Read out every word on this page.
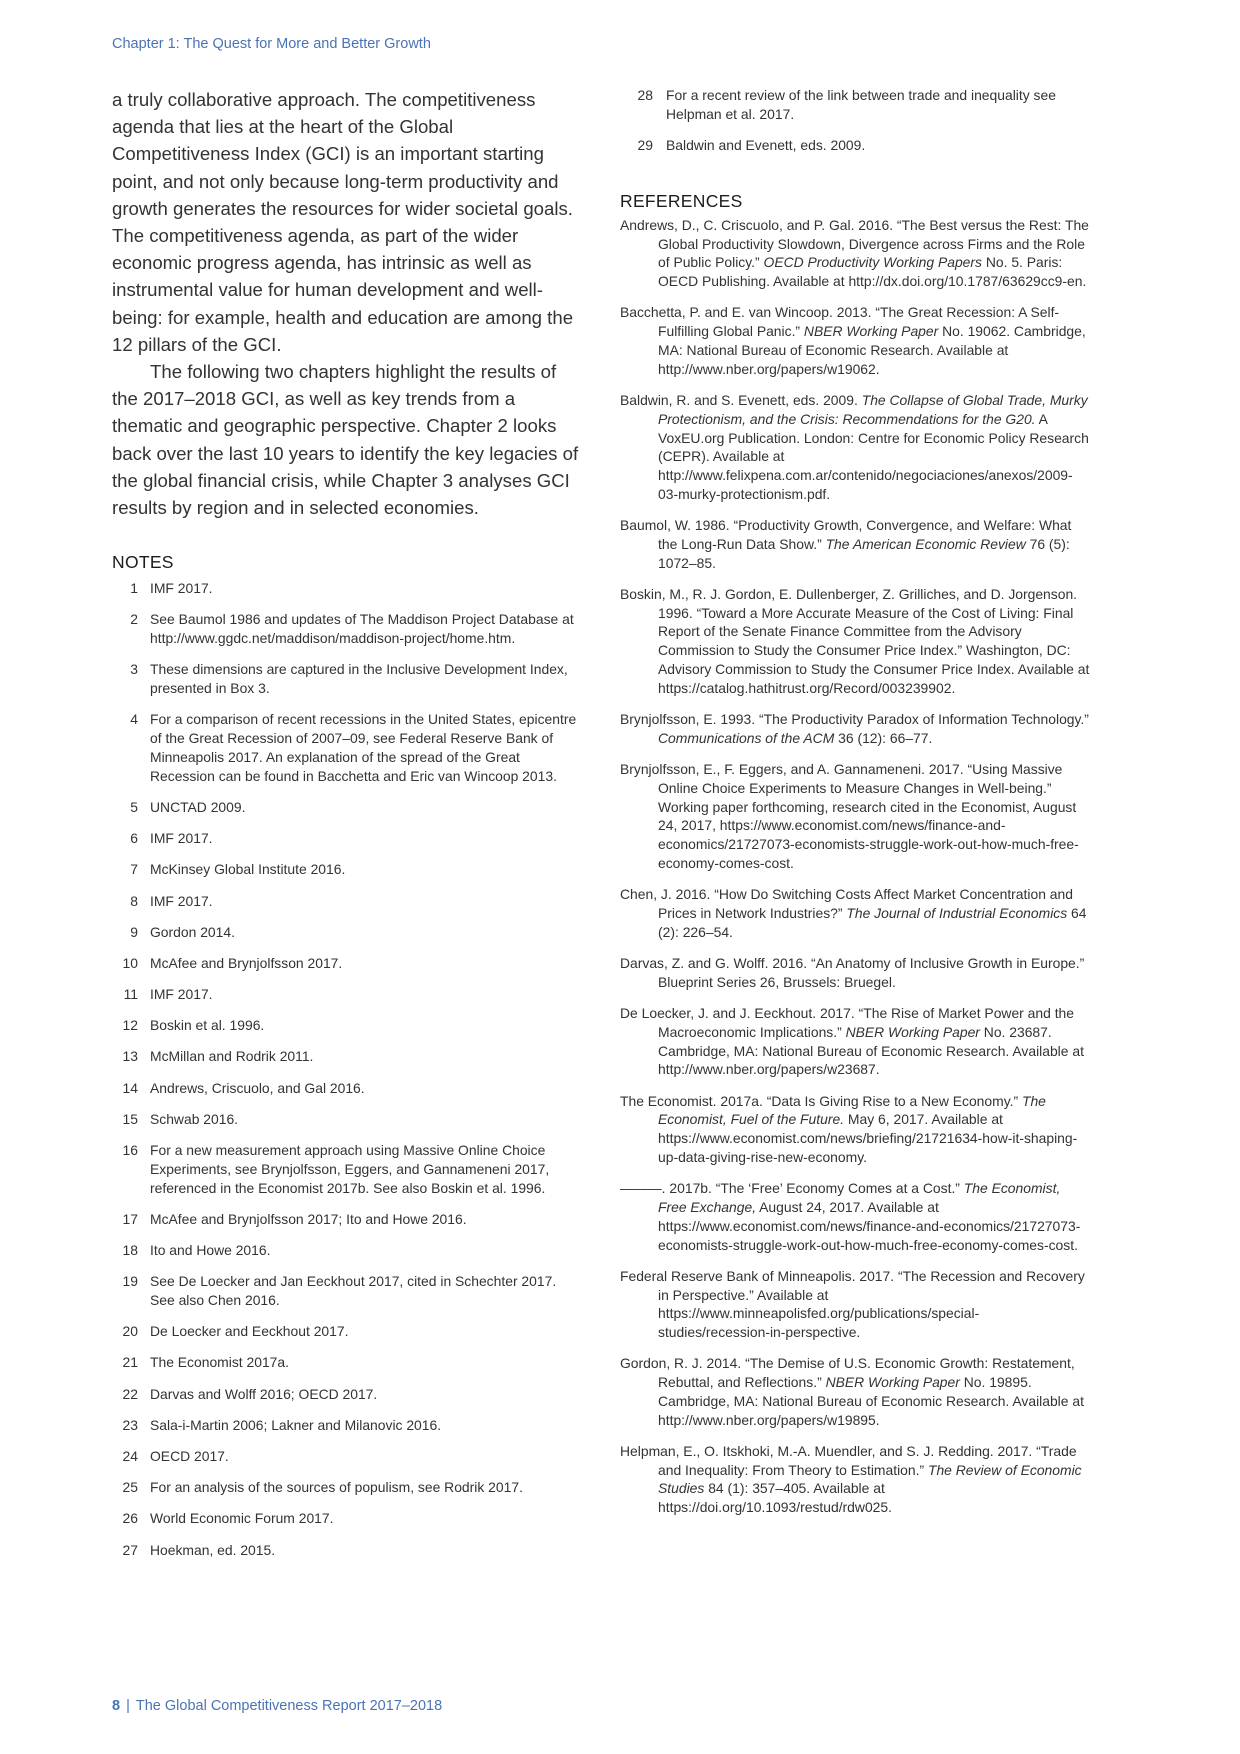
Chapter 1: The Quest for More and Better Growth

a truly collaborative approach. The competitiveness agenda that lies at the heart of the Global Competitiveness Index (GCI) is an important starting point, and not only because long-term productivity and growth generates the resources for wider societal goals. The competitiveness agenda, as part of the wider economic progress agenda, has intrinsic as well as instrumental value for human development and well-being: for example, health and education are among the 12 pillars of the GCI.

The following two chapters highlight the results of the 2017–2018 GCI, as well as key trends from a thematic and geographic perspective. Chapter 2 looks back over the last 10 years to identify the key legacies of the global financial crisis, while Chapter 3 analyses GCI results by region and in selected economies.

NOTES
1 IMF 2017.
2 See Baumol 1986 and updates of The Maddison Project Database at http://www.ggdc.net/maddison/maddison-project/home.htm.
3 These dimensions are captured in the Inclusive Development Index, presented in Box 3.
4 For a comparison of recent recessions in the United States, epicentre of the Great Recession of 2007–09, see Federal Reserve Bank of Minneapolis 2017. An explanation of the spread of the Great Recession can be found in Bacchetta and Eric van Wincoop 2013.
5 UNCTAD 2009.
6 IMF 2017.
7 McKinsey Global Institute 2016.
8 IMF 2017.
9 Gordon 2014.
10 McAfee and Brynjolfsson 2017.
11 IMF 2017.
12 Boskin et al. 1996.
13 McMillan and Rodrik 2011.
14 Andrews, Criscuolo, and Gal 2016.
15 Schwab 2016.
16 For a new measurement approach using Massive Online Choice Experiments, see Brynjolfsson, Eggers, and Gannameneni 2017, referenced in the Economist 2017b. See also Boskin et al. 1996.
17 McAfee and Brynjolfsson 2017; Ito and Howe 2016.
18 Ito and Howe 2016.
19 See De Loecker and Jan Eeckhout 2017, cited in Schechter 2017. See also Chen 2016.
20 De Loecker and Eeckhout 2017.
21 The Economist 2017a.
22 Darvas and Wolff 2016; OECD 2017.
23 Sala-i-Martin 2006; Lakner and Milanovic 2016.
24 OECD 2017.
25 For an analysis of the sources of populism, see Rodrik 2017.
26 World Economic Forum 2017.
27 Hoekman, ed. 2015.
28 For a recent review of the link between trade and inequality see Helpman et al. 2017.
29 Baldwin and Evenett, eds. 2009.
REFERENCES
Andrews, D., C. Criscuolo, and P. Gal. 2016. “The Best versus the Rest: The Global Productivity Slowdown, Divergence across Firms and the Role of Public Policy.” OECD Productivity Working Papers No. 5. Paris: OECD Publishing. Available at http://dx.doi.org/10.1787/63629cc9-en.
Bacchetta, P. and E. van Wincoop. 2013. “The Great Recession: A Self-Fulfilling Global Panic.” NBER Working Paper No. 19062. Cambridge, MA: National Bureau of Economic Research. Available at http://www.nber.org/papers/w19062.
Baldwin, R. and S. Evenett, eds. 2009. The Collapse of Global Trade, Murky Protectionism, and the Crisis: Recommendations for the G20. A VoxEU.org Publication. London: Centre for Economic Policy Research (CEPR). Available at http://www.felixpena.com.ar/contenido/negociaciones/anexos/2009-03-murky-protectionism.pdf.
Baumol, W. 1986. “Productivity Growth, Convergence, and Welfare: What the Long-Run Data Show.” The American Economic Review 76 (5): 1072–85.
Boskin, M., R. J. Gordon, E. Dullenberger, Z. Grilliches, and D. Jorgenson. 1996. “Toward a More Accurate Measure of the Cost of Living: Final Report of the Senate Finance Committee from the Advisory Commission to Study the Consumer Price Index.” Washington, DC: Advisory Commission to Study the Consumer Price Index. Available at https://catalog.hathitrust.org/Record/003239902.
Brynjolfsson, E. 1993. “The Productivity Paradox of Information Technology.” Communications of the ACM 36 (12): 66–77.
Brynjolfsson, E., F. Eggers, and A. Gannameneni. 2017. “Using Massive Online Choice Experiments to Measure Changes in Well-being.” Working paper forthcoming, research cited in the Economist, August 24, 2017, https://www.economist.com/news/finance-and-economics/21727073-economists-struggle-work-out-how-much-free-economy-comes-cost.
Chen, J. 2016. “How Do Switching Costs Affect Market Concentration and Prices in Network Industries?” The Journal of Industrial Economics 64 (2): 226–54.
Darvas, Z. and G. Wolff. 2016. “An Anatomy of Inclusive Growth in Europe.” Blueprint Series 26, Brussels: Bruegel.
De Loecker, J. and J. Eeckhout. 2017. “The Rise of Market Power and the Macroeconomic Implications.” NBER Working Paper No. 23687. Cambridge, MA: National Bureau of Economic Research. Available at http://www.nber.org/papers/w23687.
The Economist. 2017a. “Data Is Giving Rise to a New Economy.” The Economist, Fuel of the Future. May 6, 2017. Available at https://www.economist.com/news/briefing/21721634-how-it-shaping-up-data-giving-rise-new-economy.
———. 2017b. “The ‘Free’ Economy Comes at a Cost.” The Economist, Free Exchange, August 24, 2017. Available at https://www.economist.com/news/finance-and-economics/21727073-economists-struggle-work-out-how-much-free-economy-comes-cost.
Federal Reserve Bank of Minneapolis. 2017. “The Recession and Recovery in Perspective.” Available at https://www.minneapolisfed.org/publications/special-studies/recession-in-perspective.
Gordon, R. J. 2014. “The Demise of U.S. Economic Growth: Restatement, Rebuttal, and Reflections.” NBER Working Paper No. 19895. Cambridge, MA: National Bureau of Economic Research. Available at http://www.nber.org/papers/w19895.
Helpman, E., O. Itskhoki, M.-A. Muendler, and S. J. Redding. 2017. “Trade and Inequality: From Theory to Estimation.” The Review of Economic Studies 84 (1): 357–405. Available at https://doi.org/10.1093/restud/rdw025.
8 | The Global Competitiveness Report 2017–2018
